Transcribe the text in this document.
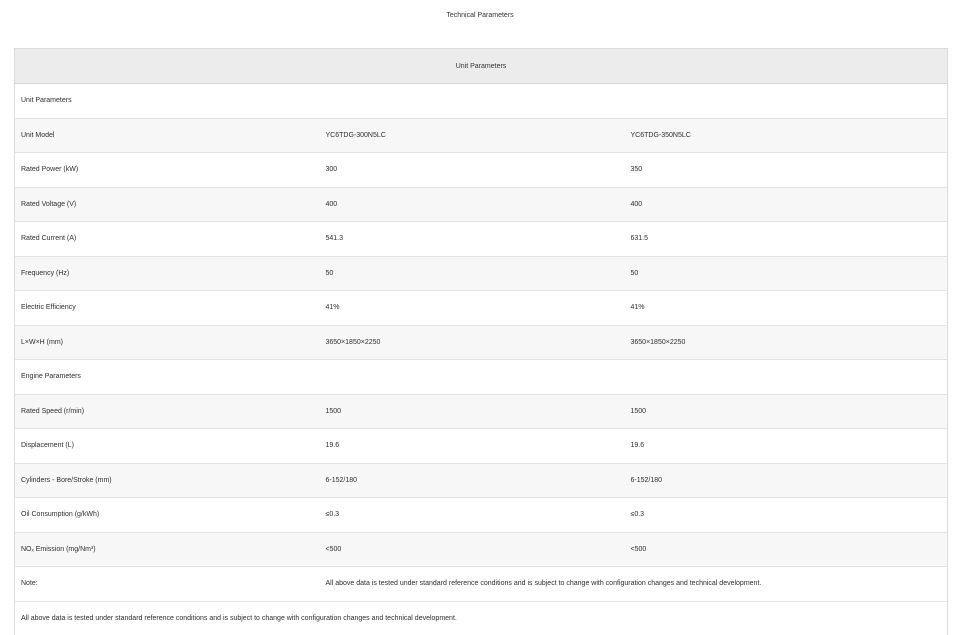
Technical Parameters
Unit Parameters		
Unit Parameters		
Unit Model	YC6TDG-300N5LC	YC6TDG-350N5LC
Rated Power (kW)	300	350
Rated Voltage (V)	400	400
Rated Current (A)	541.3	631.5
Frequency (Hz)	50	50
Electric Efficiency	41%	41%
L×W×H (mm)	3650×1850×2250	3650×1850×2250
Engine Parameters		
Rated Speed (r/min)	1500	1500
Displacement (L)	19.6	19.6
Cylinders - Bore/Stroke (mm)	6-152/180	6-152/180
Oil Consumption (g/kWh)	≤0.3	≤0.3
NOₓ Emission (mg/Nm³)	<500	<500
Note:	All above data is tested under standard reference conditions and is subject to change with configuration changes and technical development.	
All above data is tested under standard reference conditions and is subject to change with configuration changes and technical development.		
